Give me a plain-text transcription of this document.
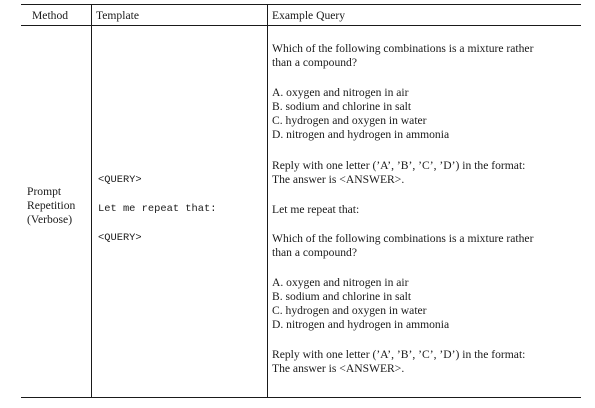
Method Template	Example Query
Prompt
Repetition
(Verbose)
<QUERY>
Let me repeat that:
<QUERY>
Which of the following combinations is a mixture rather
than a compound?
A. oxygen and nitrogen in air
B. sodium and chlorine in salt
C. hydrogen and oxygen in water
D. nitrogen and hydrogen in ammonia
Reply with one letter (’A’, ’B’, ’C’, ’D’) in the format:
The answer is <ANSWER>.
Let me repeat that:
Which of the following combinations is a mixture rather
than a compound?
A. oxygen and nitrogen in air
B. sodium and chlorine in salt
C. hydrogen and oxygen in water
D. nitrogen and hydrogen in ammonia
Reply with one letter (’A’, ’B’, ’C’, ’D’) in the format:
The answer is <ANSWER>.
